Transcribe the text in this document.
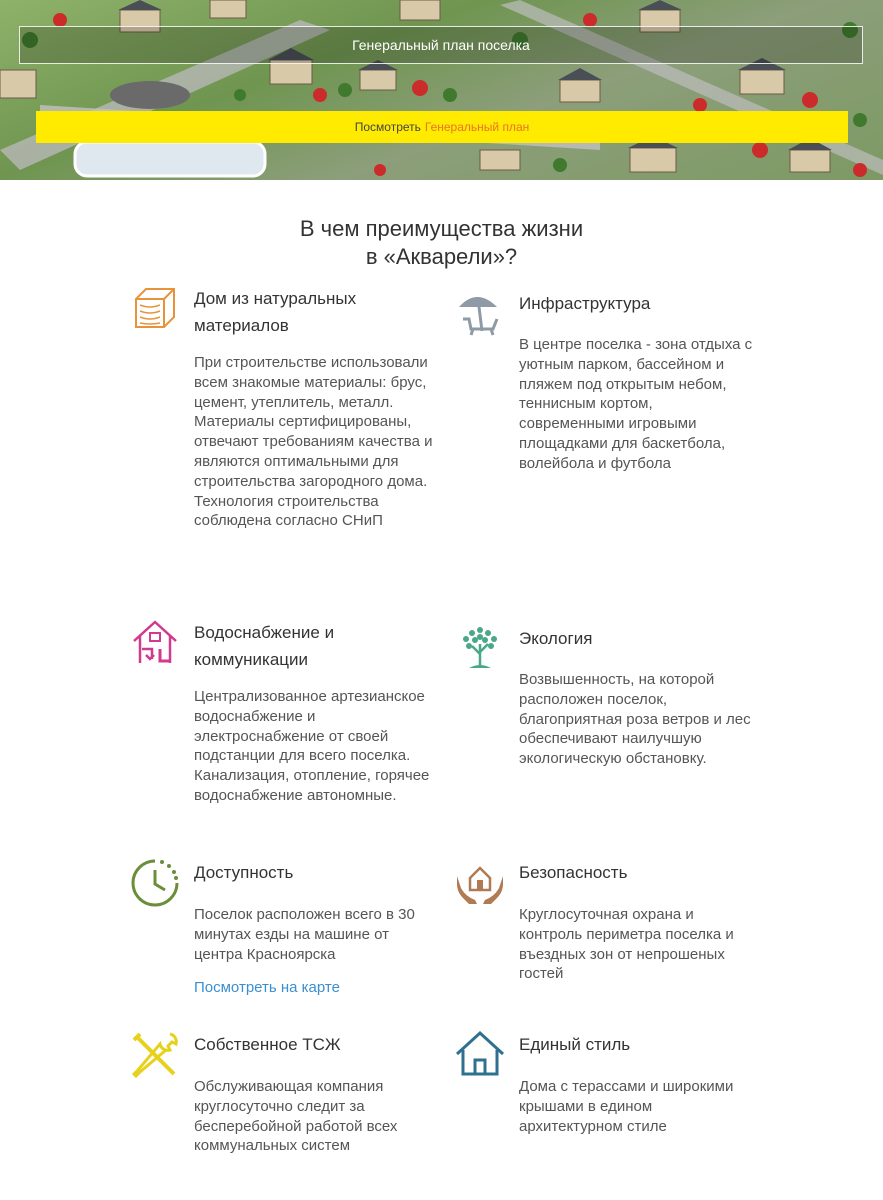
Генеральный план поселка
Посмотреть Генеральный план
В чем преимущества жизни
в «Акварели»?
Дом из натуральных материалов
При строительстве использовали всем знакомые материалы: брус, цемент, утеплитель, металл. Материалы сертифицированы, отвечают требованиям качества и являются оптимальными для строительства загородного дома. Технология строительства соблюдена согласно СНиП
Инфраструктура
В центре поселка - зона отдыха с уютным парком, бассейном и пляжем под открытым небом, теннисным кортом, современными игровыми площадками для баскетбола, волейбола и футбола
Водоснабжение и коммуникации
Централизованное артезианское водоснабжение и электроснабжение от своей подстанции для всего поселка. Канализация, отопление, горячее водоснабжение автономные.
Экология
Возвышенность, на которой расположен поселок, благоприятная роза ветров и лес обеспечивают наилучшую экологическую обстановку.
Доступность
Поселок расположен всего в 30 минутах езды на машине от центра Красноярска
Посмотреть на карте
Безопасность
Круглосуточная охрана и контроль периметра поселка и въездных зон от непрошеных гостей
Собственное ТСЖ
Обслуживающая компания круглосуточно следит за бесперебойной работой всех коммунальных систем
Единый стиль
Дома с терассами и широкими крышами в едином архитектурном стиле
